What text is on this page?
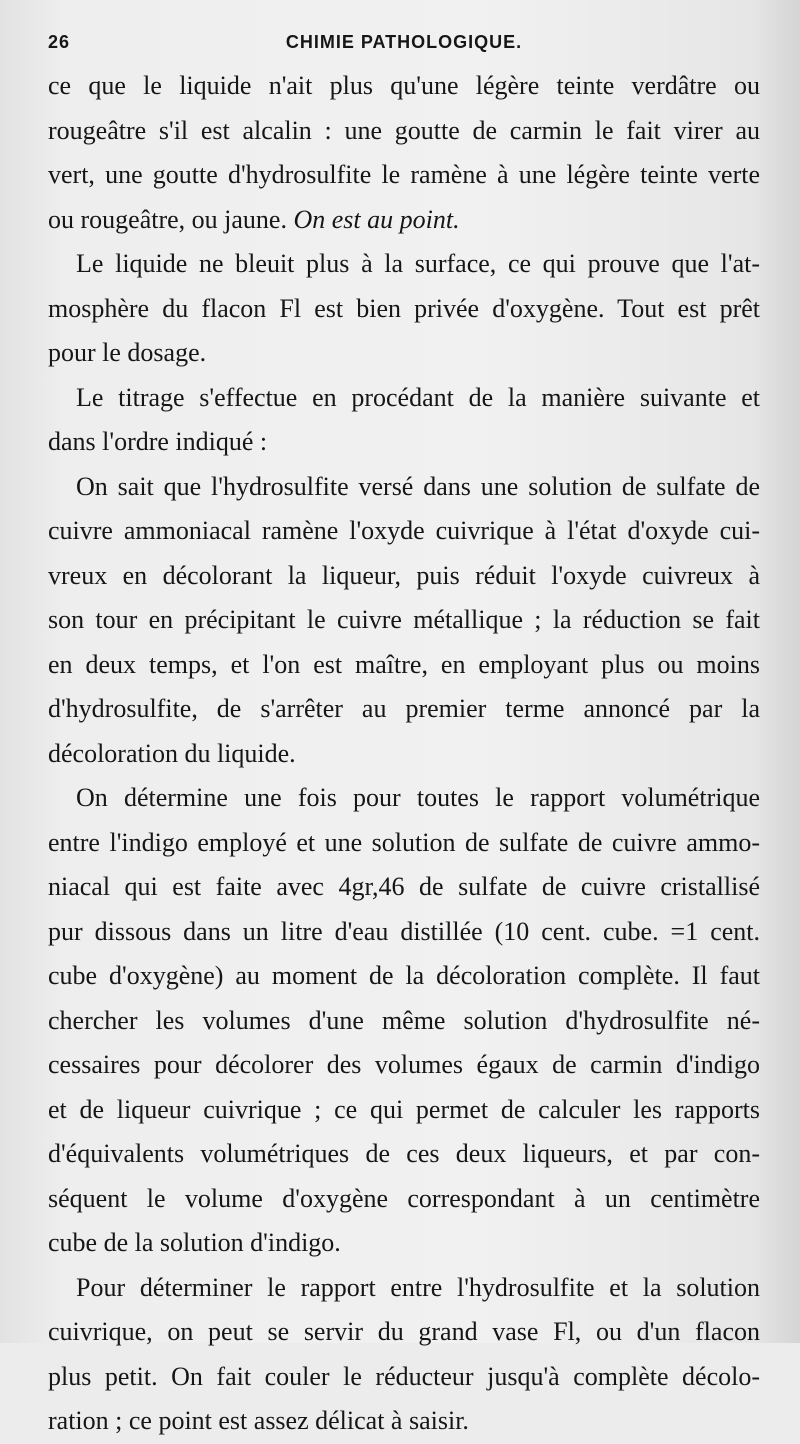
26	CHIMIE PATHOLOGIQUE.
ce que le liquide n'ait plus qu'une légère teinte verdâtre ou
rougeâtre s'il est alcalin : une goutte de carmin le fait virer au
vert, une goutte d'hydrosulfite le ramène à une légère teinte verte
ou rougeâtre, ou jaune. On est au point.
Le liquide ne bleuit plus à la surface, ce qui prouve que l'at-
mosphère du flacon Fl est bien privée d'oxygène. Tout est prêt
pour le dosage.
Le titrage s'effectue en procédant de la manière suivante et
dans l'ordre indiqué :
On sait que l'hydrosulfite versé dans une solution de sulfate de
cuivre ammoniacal ramène l'oxyde cuivrique à l'état d'oxyde cui-
vreux en décolorant la liqueur, puis réduit l'oxyde cuivreux à
son tour en précipitant le cuivre métallique ; la réduction se fait
en deux temps, et l'on est maître, en employant plus ou moins
d'hydrosulfite, de s'arrêter au premier terme annoncé par la
décoloration du liquide.
On détermine une fois pour toutes le rapport volumétrique
entre l'indigo employé et une solution de sulfate de cuivre ammo-
niacal qui est faite avec 4gr,46 de sulfate de cuivre cristallisé
pur dissous dans un litre d'eau distillée (10 cent. cube. =1 cent.
cube d'oxygène) au moment de la décoloration complète. Il faut
chercher les volumes d'une même solution d'hydrosulfite né-
cessaires pour décolorer des volumes égaux de carmin d'indigo
et de liqueur cuivrique ; ce qui permet de calculer les rapports
d'équivalents volumétriques de ces deux liqueurs, et par con-
séquent le volume d'oxygène correspondant à un centimètre
cube de la solution d'indigo.
Pour déterminer le rapport entre l'hydrosulfite et la solution
cuivrique, on peut se servir du grand vase Fl, ou d'un flacon
plus petit. On fait couler le réducteur jusqu'à complète décolo-
ration ; ce point est assez délicat à saisir.
